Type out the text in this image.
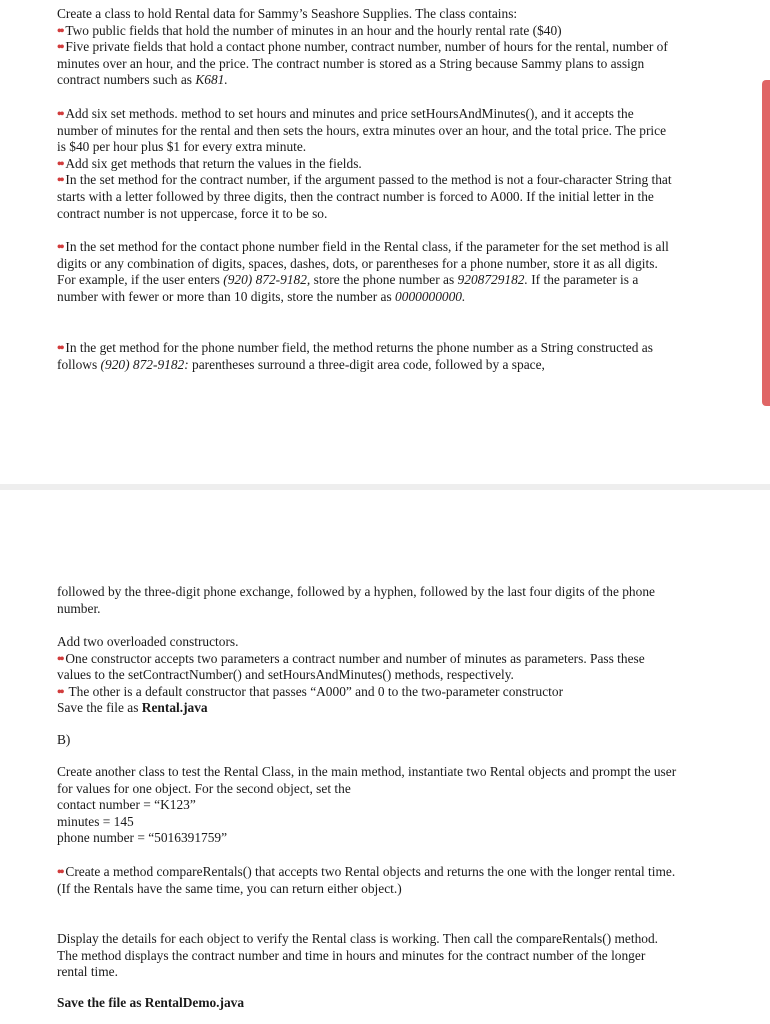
Create a class to hold Rental data for Sammy’s Seashore Supplies. The class contains:
•• Two public fields that hold the number of minutes in an hour and the hourly rental rate ($40)
•• Five private fields that hold a contact phone number, contract number, number of hours for the rental, number of minutes over an hour, and the price. The contract number is stored as a String because Sammy plans to assign contract numbers such as K681.

•• Add six set methods. method to set hours and minutes and price setHoursAndMinutes(), and it accepts the number of minutes for the rental and then sets the hours, extra minutes over an hour, and the total price. The price is $40 per hour plus $1 for every extra minute.
•• Add six get methods that return the values in the fields.
•• In the set method for the contract number, if the argument passed to the method is not a four-character String that starts with a letter followed by three digits, then the contract number is forced to A000. If the initial letter in the contract number is not uppercase, force it to be so.

•• In the set method for the contact phone number field in the Rental class, if the parameter for the set method is all digits or any combination of digits, spaces, dashes, dots, or parentheses for a phone number, store it as all digits. For example, if the user enters (920) 872-9182, store the phone number as 9208729182. If the parameter is a number with fewer or more than 10 digits, store the number as 0000000000.

•• In the get method for the phone number field, the method returns the phone number as a String constructed as follows (920) 872-9182: parentheses surround a three-digit area code, followed by a space,

followed by the three-digit phone exchange, followed by a hyphen, followed by the last four digits of the phone number.

Add two overloaded constructors.
•• One constructor accepts two parameters a contract number and number of minutes as parameters. Pass these values to the setContractNumber() and setHoursAndMinutes() methods, respectively.
•• The other is a default constructor that passes “A000” and 0 to the two-parameter constructor
Save the file as Rental.java

B)

Create another class to test the Rental Class, in the main method, instantiate two Rental objects and prompt the user for values for one object. For the second object, set the
contact number = “K123”
minutes = 145
phone number = “5016391759”

•• Create a method compareRentals() that accepts two Rental objects and returns the one with the longer rental time. (If the Rentals have the same time, you can return either object.)

Display the details for each object to verify the Rental class is working. Then call the compareRentals() method. The method displays the contract number and time in hours and minutes for the contract number of the longer rental time.

Save the file as RentalDemo.java
